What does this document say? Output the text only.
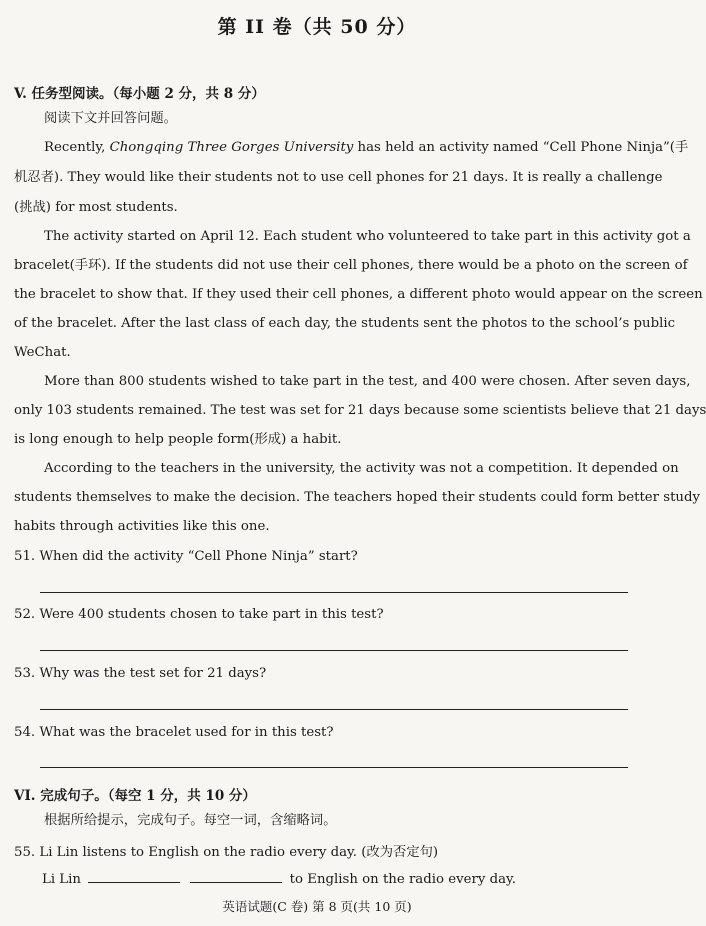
第 II 卷（共 50 分）
V. 任务型阅读。（每小题 2 分，共 8 分）
阅读下文并回答问题。
Recently, Chongqing Three Gorges University has held an activity named “Cell Phone Ninja”(手
机忍者). They would like their students not to use cell phones for 21 days. It is really a challenge
(挑战) for most students.
The activity started on April 12. Each student who volunteered to take part in this activity got a
bracelet(手环). If the students did not use their cell phones, there would be a photo on the screen of
the bracelet to show that. If they used their cell phones, a different photo would appear on the screen
of the bracelet. After the last class of each day, the students sent the photos to the school’s public
WeChat.
More than 800 students wished to take part in the test, and 400 were chosen. After seven days,
only 103 students remained. The test was set for 21 days because some scientists believe that 21 days
is long enough to help people form(形成) a habit.
According to the teachers in the university, the activity was not a competition. It depended on
students themselves to make the decision. The teachers hoped their students could form better study
habits through activities like this one.
51. When did the activity “Cell Phone Ninja” start?
52. Were 400 students chosen to take part in this test?
53. Why was the test set for 21 days?
54. What was the bracelet used for in this test?
VI. 完成句子。（每空 1 分，共 10 分）
根据所给提示，完成句子。每空一词，含缩略词。
55. Li Lin listens to English on the radio every day. (改为否定句)
Li Lin	to English on the radio every day.
英语试题(C 卷) 第 8 页(共 10 页)
